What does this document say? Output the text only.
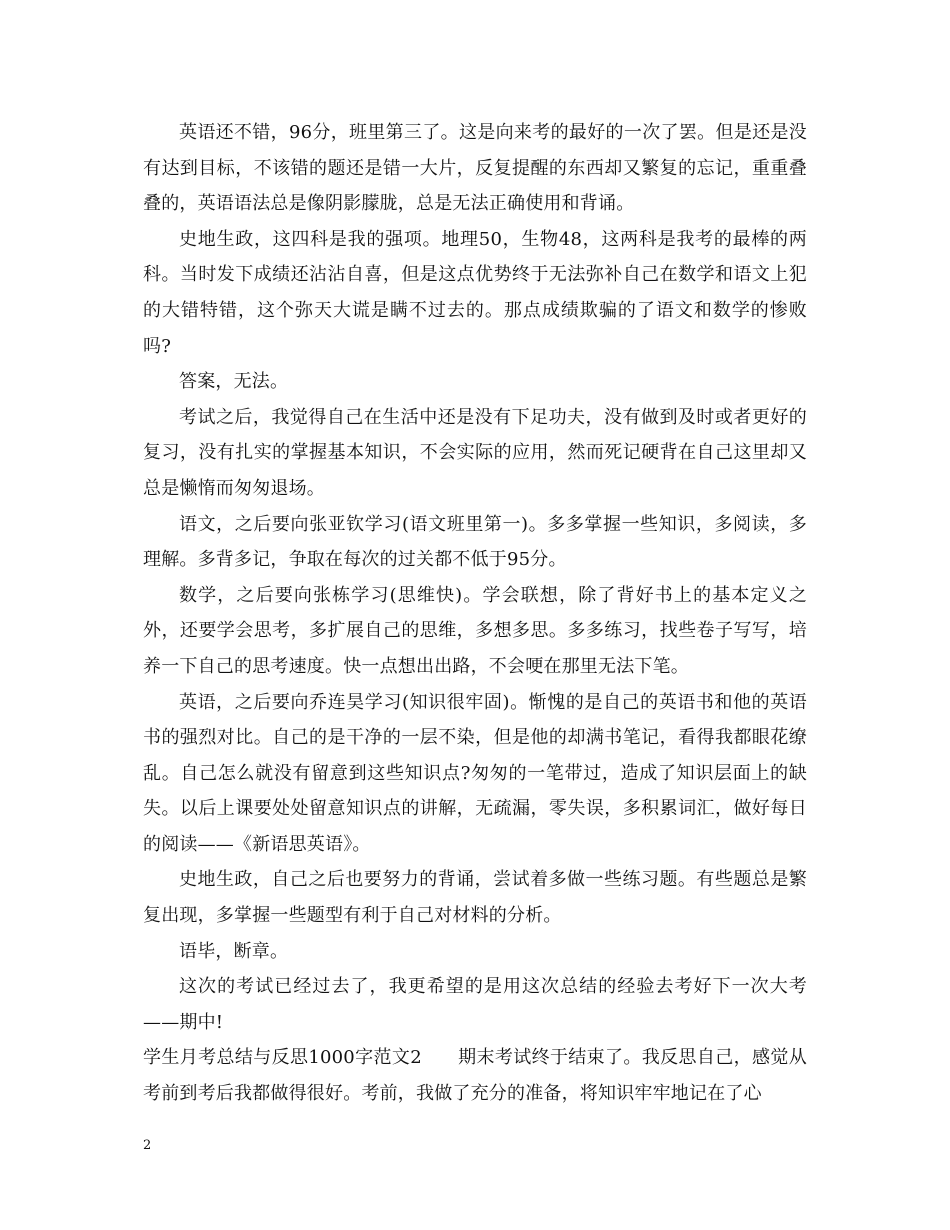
英语还不错，96分，班里第三了。这是向来考的最好的一次了罢。但是还是没有达到目标，不该错的题还是错一大片，反复提醒的东西却又繁复的忘记，重重叠叠的，英语语法总是像阴影朦胧，总是无法正确使用和背诵。

史地生政，这四科是我的强项。地理50，生物48，这两科是我考的最棒的两科。当时发下成绩还沾沾自喜，但是这点优势终于无法弥补自己在数学和语文上犯的大错特错，这个弥天大谎是瞒不过去的。那点成绩欺骗的了语文和数学的惨败吗?

答案，无法。

考试之后，我觉得自己在生活中还是没有下足功夫，没有做到及时或者更好的复习，没有扎实的掌握基本知识，不会实际的应用，然而死记硬背在自己这里却又总是懒惰而匆匆退场。

语文，之后要向张亚钦学习(语文班里第一)。多多掌握一些知识，多阅读，多理解。多背多记，争取在每次的过关都不低于95分。

数学，之后要向张栋学习(思维快)。学会联想，除了背好书上的基本定义之外，还要学会思考，多扩展自己的思维，多想多思。多多练习，找些卷子写写，培养一下自己的思考速度。快一点想出出路，不会哽在那里无法下笔。

英语，之后要向乔连昊学习(知识很牢固)。惭愧的是自己的英语书和他的英语书的强烈对比。自己的是干净的一层不染，但是他的却满书笔记，看得我都眼花缭乱。自己怎么就没有留意到这些知识点?匆匆的一笔带过，造成了知识层面上的缺失。以后上课要处处留意知识点的讲解，无疏漏，零失误，多积累词汇，做好每日的阅读——《新语思英语》。

史地生政，自己之后也要努力的背诵，尝试着多做一些练习题。有些题总是繁复出现，多掌握一些题型有利于自己对材料的分析。

语毕，断章。

这次的考试已经过去了，我更希望的是用这次总结的经验去考好下一次大考——期中!

学生月考总结与反思1000字范文2 期末考试终于结束了。我反思自己，感觉从考前到考后我都做得很好。考前，我做了充分的准备，将知识牢牢地记在了心

2
